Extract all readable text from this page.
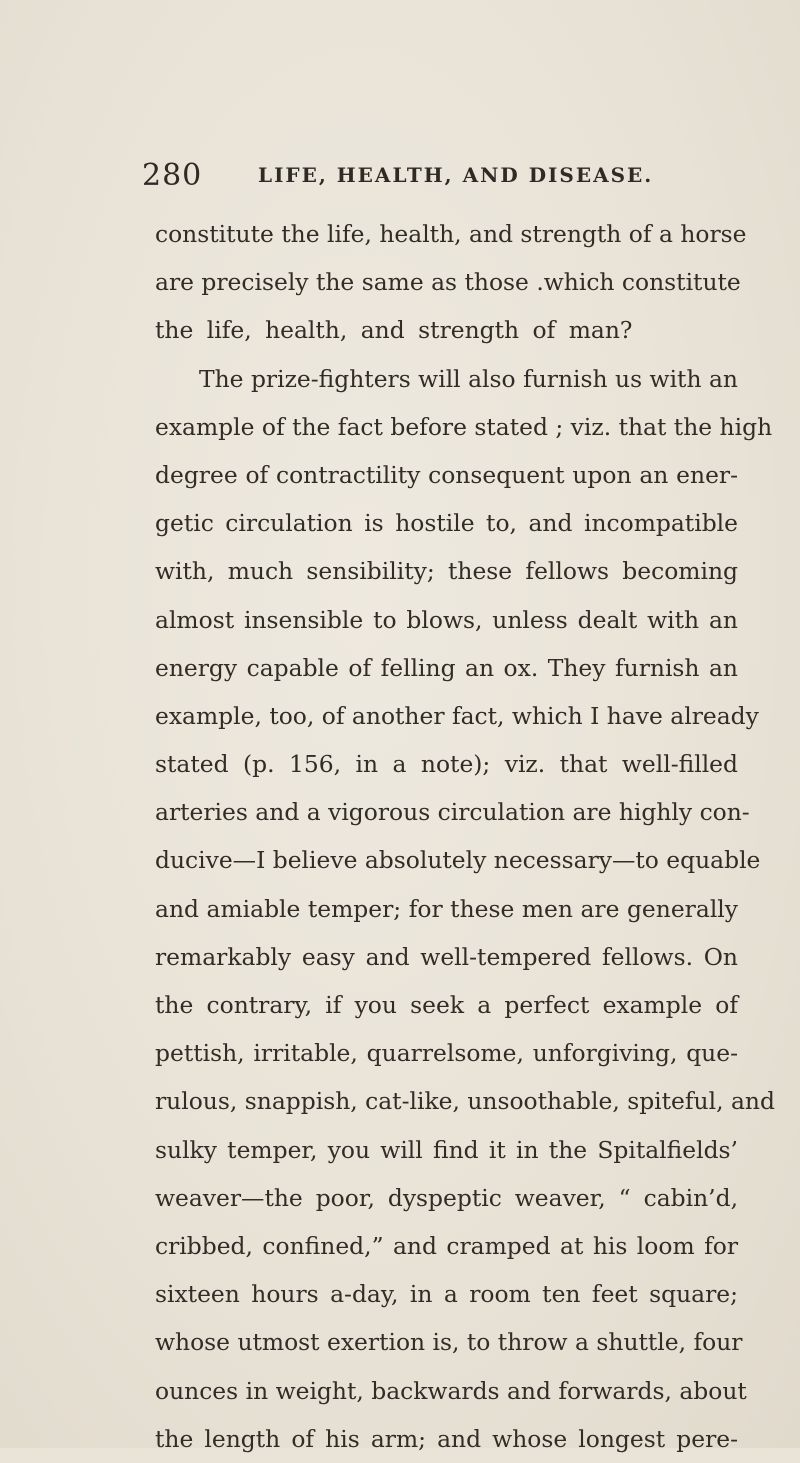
280	LIFE, HEALTH, AND DISEASE.
constitute the life, health, and strength of a horse
are precisely the same as those .which constitute
the life, health, and strength of man?
The prize-fighters will also furnish us with an
example of the fact before stated ; viz. that the high
degree of contractility consequent upon an ener-
getic circulation is hostile to, and incompatible
with, much sensibility; these fellows becoming
almost insensible to blows, unless dealt with an
energy capable of felling an ox. They furnish an
example, too, of another fact, which I have already
stated (p. 156, in a note); viz. that well-filled
arteries and a vigorous circulation are highly con-
ducive—I believe absolutely necessary—to equable
and amiable temper; for these men are generally
remarkably easy and well-tempered fellows. On
the contrary, if you seek a perfect example of
pettish, irritable, quarrelsome, unforgiving, que-
rulous, snappish, cat-like, unsoothable, spiteful, and
sulky temper, you will find it in the Spitalfields’
weaver—the poor, dyspeptic weaver, “ cabin’d,
cribbed, confined,” and cramped at his loom for
sixteen hours a-day, in a room ten feet square;
whose utmost exertion is, to throw a shuttle, four
ounces in weight, backwards and forwards, about
the length of his arm; and whose longest pere-
